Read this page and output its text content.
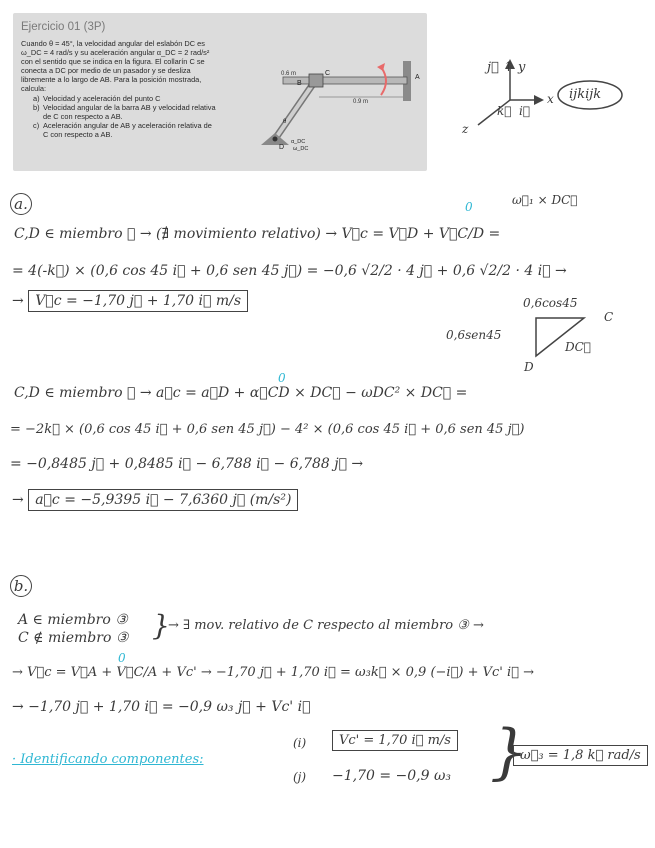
Ejercicio 01 (3P)
Cuando θ = 45°, la velocidad angular del eslabón DC es
ω_DC = 4 rad/s y su aceleración angular α_DC = 2 rad/s²
con el sentido que se indica en la figura. El collarín C se
conecta a DC por medio de un pasador y se desliza
libremente a lo largo de AB. Para la posición mostrada,
calcula:
a) Velocidad y aceleración del punto C
b) Velocidad angular de la barra AB y velocidad relativa
de C con respecto a AB.
c) Aceleración angular de AB y aceleración relativa de
C con respecto a AB.
0.6 m
0.9 m
B
C
A
D
θ
α_DC
ω_DC
j⃗ ↑ y
x
i⃗
k⃗
z
ijkijk
a.	ω⃗₁ × DC⃗
0
C,D ∈ miembro ① → (∄ movimiento relativo) → V⃗c = V⃗D + V⃗C/D =
= 4(-k⃗) × (0,6 cos 45 i⃗ + 0,6 sen 45 j⃗) = −0,6 √2/2 · 4 j⃗ + 0,6 √2/2 · 4 i⃗ →
→ V⃗c = −1,70 j⃗ + 1,70 i⃗ m/s	0,6cos45
0,6sen45
DC⃗
C
D
0
C,D ∈ miembro ① → a⃗c = a⃗D + α⃗CD × DC⃗ − ωDC² × DC⃗ =
= −2k⃗ × (0,6 cos 45 i⃗ + 0,6 sen 45 j⃗) − 4² × (0,6 cos 45 i⃗ + 0,6 sen 45 j⃗)
= −0,8485 j⃗ + 0,8485 i⃗ − 6,788 i⃗ − 6,788 j⃗ →
→ a⃗c = −5,9395 i⃗ − 7,6360 j⃗ (m/s²)
b.
A ∈ miembro ③
C ∉ miembro ③ }
→ ∃ mov. relativo de C respecto al miembro ③ →
0
→ V⃗c = V⃗A + V⃗C/A + Vc' → −1,70 j⃗ + 1,70 i⃗ = ω₃k⃗ × 0,9 (−i⃗) + Vc' i⃗ →
→ −1,70 j⃗ + 1,70 i⃗ = −0,9 ω₃ j⃗ + Vc' i⃗
· Identificando componentes:
(i)	Vc' = 1,70 i⃗ m/s
(j) −1,70 = −0,9 ω₃ }
ω⃗₃ = 1,8 k⃗ rad/s
